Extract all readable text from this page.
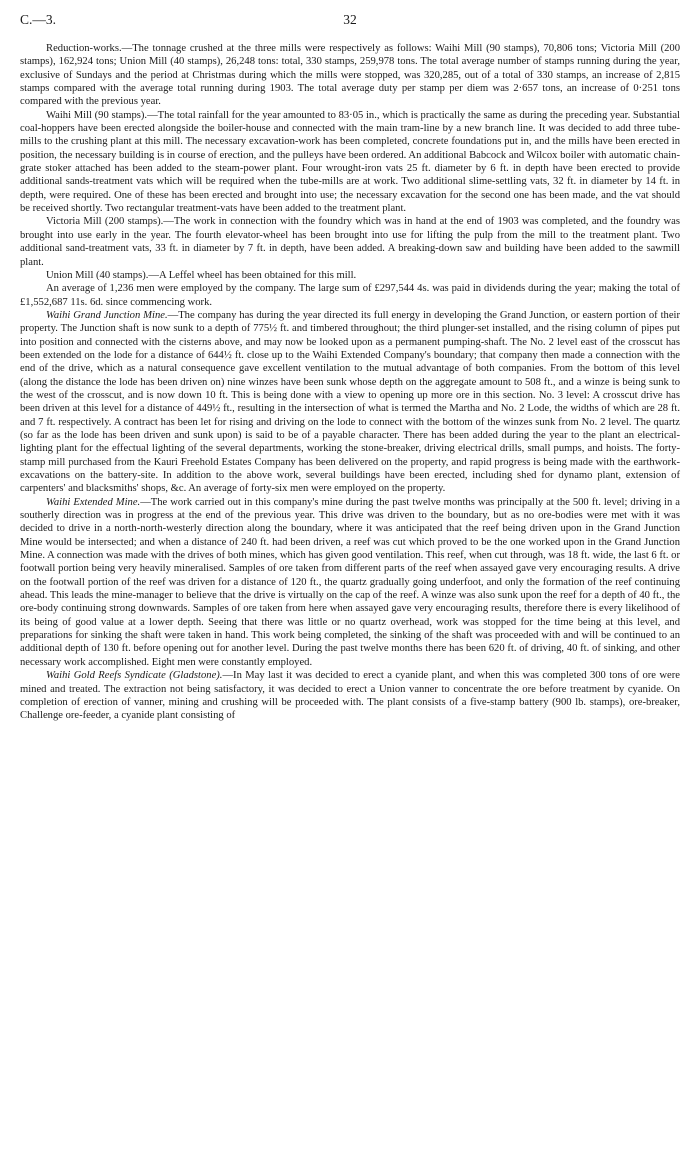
C.—3.	32

Reduction-works.—The tonnage crushed at the three mills were respectively as follows: Waihi Mill (90 stamps), 70,806 tons; Victoria Mill (200 stamps), 162,924 tons; Union Mill (40 stamps), 26,248 tons: total, 330 stamps, 259,978 tons. The total average number of stamps running during the year, exclusive of Sundays and the period at Christmas during which the mills were stopped, was 320,285, out of a total of 330 stamps, an increase of 2,815 stamps compared with the average total running during 1903. The total average duty per stamp per diem was 2·657 tons, an increase of 0·251 tons compared with the previous year.

Waihi Mill (90 stamps).—The total rainfall for the year amounted to 83·05 in., which is practically the same as during the preceding year. Substantial coal-hoppers have been erected alongside the boiler-house and connected with the main tram-line by a new branch line. It was decided to add three tube-mills to the crushing plant at this mill. The necessary excavation-work has been completed, concrete foundations put in, and the mills have been erected in position, the necessary building is in course of erection, and the pulleys have been ordered. An additional Babcock and Wilcox boiler with automatic chain-grate stoker attached has been added to the steam-power plant. Four wrought-iron vats 25 ft. diameter by 6 ft. in depth have been erected to provide additional sands-treatment vats which will be required when the tube-mills are at work. Two additional slime-settling vats, 32 ft. in diameter by 14 ft. in depth, were required. One of these has been erected and brought into use; the necessary excavation for the second one has been made, and the vat should be received shortly. Two rectangular treatment-vats have been added to the treatment plant.

Victoria Mill (200 stamps).—The work in connection with the foundry which was in hand at the end of 1903 was completed, and the foundry was brought into use early in the year. The fourth elevator-wheel has been brought into use for lifting the pulp from the mill to the treatment plant. Two additional sand-treatment vats, 33 ft. in diameter by 7 ft. in depth, have been added. A breaking-down saw and building have been added to the sawmill plant.

Union Mill (40 stamps).—A Leffel wheel has been obtained for this mill.

An average of 1,236 men were employed by the company. The large sum of £297,544 4s. was paid in dividends during the year; making the total of £1,552,687 11s. 6d. since commencing work.

Waihi Grand Junction Mine.—The company has during the year directed its full energy in developing the Grand Junction, or eastern portion of their property. The Junction shaft is now sunk to a depth of 775½ ft. and timbered throughout; the third plunger-set installed, and the rising column of pipes put into position and connected with the cisterns above, and may now be looked upon as a permanent pumping-shaft. The No. 2 level east of the crosscut has been extended on the lode for a distance of 644½ ft. close up to the Waihi Extended Company's boundary; that company then made a connection with the end of the drive, which as a natural consequence gave excellent ventilation to the mutual advantage of both companies. From the bottom of this level (along the distance the lode has been driven on) nine winzes have been sunk whose depth on the aggregate amount to 508 ft., and a winze is being sunk to the west of the crosscut, and is now down 10 ft. This is being done with a view to opening up more ore in this section. No. 3 level: A crosscut drive has been driven at this level for a distance of 449½ ft., resulting in the intersection of what is termed the Martha and No. 2 Lode, the widths of which are 28 ft. and 7 ft. respectively. A contract has been let for rising and driving on the lode to connect with the bottom of the winzes sunk from No. 2 level. The quartz (so far as the lode has been driven and sunk upon) is said to be of a payable character. There has been added during the year to the plant an electrical-lighting plant for the effectual lighting of the several departments, working the stone-breaker, driving electrical drills, small pumps, and hoists. The forty-stamp mill purchased from the Kauri Freehold Estates Company has been delivered on the property, and rapid progress is being made with the earthwork-excavations on the battery-site. In addition to the above work, several buildings have been erected, including shed for dynamo plant, extension of carpenters' and blacksmiths' shops, &c. An average of forty-six men were employed on the property.

Waihi Extended Mine.—The work carried out in this company's mine during the past twelve months was principally at the 500 ft. level; driving in a southerly direction was in progress at the end of the previous year. This drive was driven to the boundary, but as no ore-bodies were met with it was decided to drive in a north-north-westerly direction along the boundary, where it was anticipated that the reef being driven upon in the Grand Junction Mine would be intersected; and when a distance of 240 ft. had been driven, a reef was cut which proved to be the one worked upon in the Grand Junction Mine. A connection was made with the drives of both mines, which has given good ventilation. This reef, when cut through, was 18 ft. wide, the last 6 ft. or footwall portion being very heavily mineralised. Samples of ore taken from different parts of the reef when assayed gave very encouraging results. A drive on the footwall portion of the reef was driven for a distance of 120 ft., the quartz gradually going underfoot, and only the formation of the reef continuing ahead. This leads the mine-manager to believe that the drive is virtually on the cap of the reef. A winze was also sunk upon the reef for a depth of 40 ft., the ore-body continuing strong downwards. Samples of ore taken from here when assayed gave very encouraging results, therefore there is every likelihood of its being of good value at a lower depth. Seeing that there was little or no quartz overhead, work was stopped for the time being at this level, and preparations for sinking the shaft were taken in hand. This work being completed, the sinking of the shaft was proceeded with and will be continued to an additional depth of 130 ft. before opening out for another level. During the past twelve months there has been 620 ft. of driving, 40 ft. of sinking, and other necessary work accomplished. Eight men were constantly employed.

Waihi Gold Reefs Syndicate (Gladstone).—In May last it was decided to erect a cyanide plant, and when this was completed 300 tons of ore were mined and treated. The extraction not being satisfactory, it was decided to erect a Union vanner to concentrate the ore before treatment by cyanide. On completion of erection of vanner, mining and crushing will be proceeded with. The plant consists of a five-stamp battery (900 lb. stamps), ore-breaker, Challenge ore-feeder, a cyanide plant consisting of
